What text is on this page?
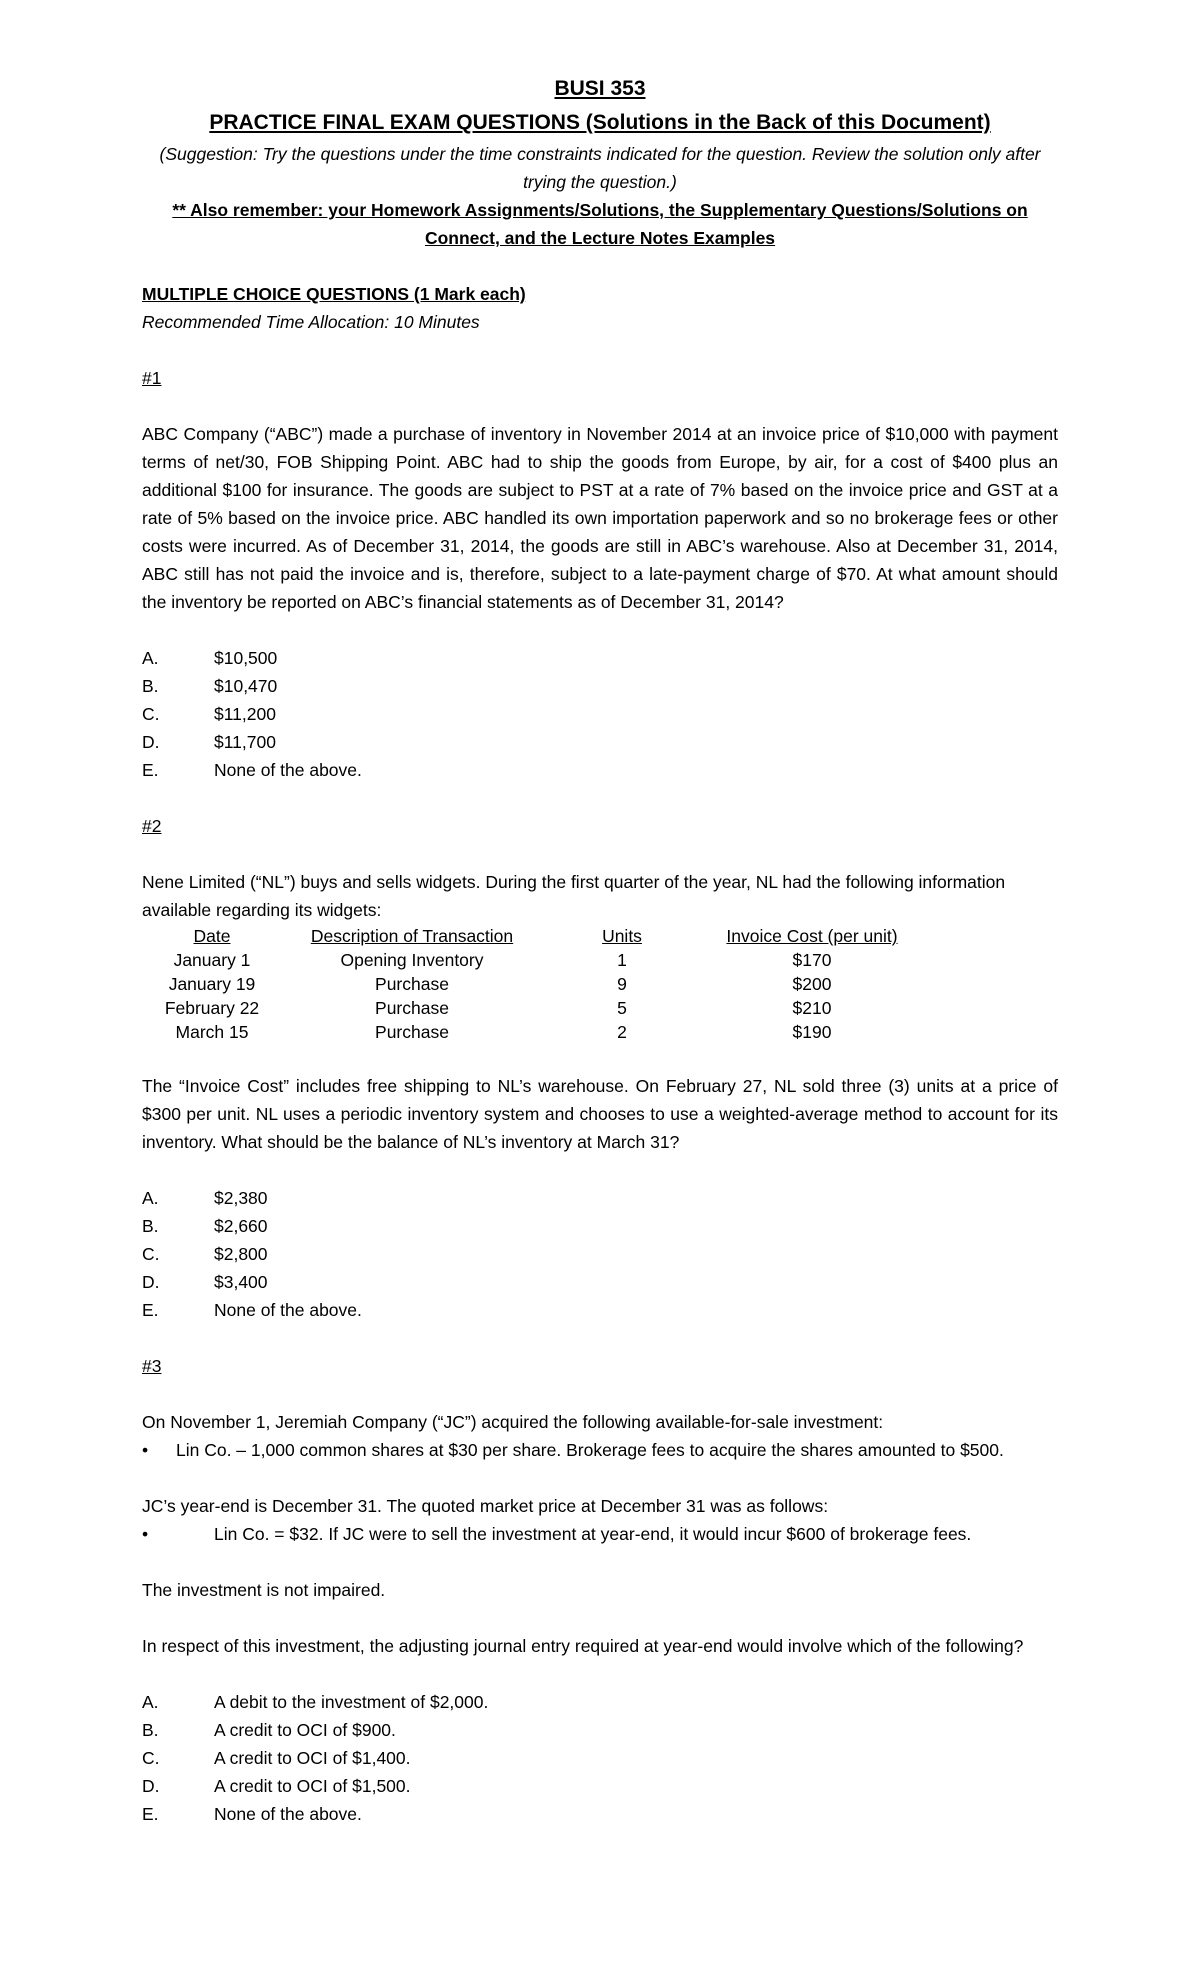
BUSI 353
PRACTICE FINAL EXAM QUESTIONS (Solutions in the Back of this Document)
(Suggestion: Try the questions under the time constraints indicated for the question. Review the solution only after
trying the question.)
** Also remember: your Homework Assignments/Solutions, the Supplementary Questions/Solutions on
Connect, and the Lecture Notes Examples
MULTIPLE CHOICE QUESTIONS (1 Mark each)
Recommended Time Allocation: 10 Minutes
#1
ABC Company (“ABC”) made a purchase of inventory in November 2014 at an invoice price of $10,000 with payment terms of net/30, FOB Shipping Point. ABC had to ship the goods from Europe, by air, for a cost of $400 plus an additional $100 for insurance. The goods are subject to PST at a rate of 7% based on the invoice price and GST at a rate of 5% based on the invoice price. ABC handled its own importation paperwork and so no brokerage fees or other costs were incurred. As of December 31, 2014, the goods are still in ABC’s warehouse. Also at December 31, 2014, ABC still has not paid the invoice and is, therefore, subject to a late-payment charge of $70. At what amount should the inventory be reported on ABC’s financial statements as of December 31, 2014?
A.	$10,500
B.	$10,470
C.	$11,200
D.	$11,700
E.	None of the above.
#2
Nene Limited (“NL”) buys and sells widgets. During the first quarter of the year, NL had the following information available regarding its widgets:
Date	Description of Transaction	Units	Invoice Cost (per unit)
January 1	Opening Inventory	1	$170
January 19	Purchase	9	$200
February 22	Purchase	5	$210
March 15	Purchase	2	$190
The “Invoice Cost” includes free shipping to NL’s warehouse. On February 27, NL sold three (3) units at a price of $300 per unit. NL uses a periodic inventory system and chooses to use a weighted-average method to account for its inventory. What should be the balance of NL’s inventory at March 31?
A.	$2,380
B.	$2,660
C.	$2,800
D.	$3,400
E.	None of the above.
#3
On November 1, Jeremiah Company (“JC”) acquired the following available-for-sale investment:
•	Lin Co. – 1,000 common shares at $30 per share. Brokerage fees to acquire the shares amounted to $500.
JC’s year-end is December 31. The quoted market price at December 31 was as follows:
•	Lin Co. = $32. If JC were to sell the investment at year-end, it would incur $600 of brokerage fees.
The investment is not impaired.
In respect of this investment, the adjusting journal entry required at year-end would involve which of the following?
A.	A debit to the investment of $2,000.
B.	A credit to OCI of $900.
C.	A credit to OCI of $1,400.
D.	A credit to OCI of $1,500.
E.	None of the above.
